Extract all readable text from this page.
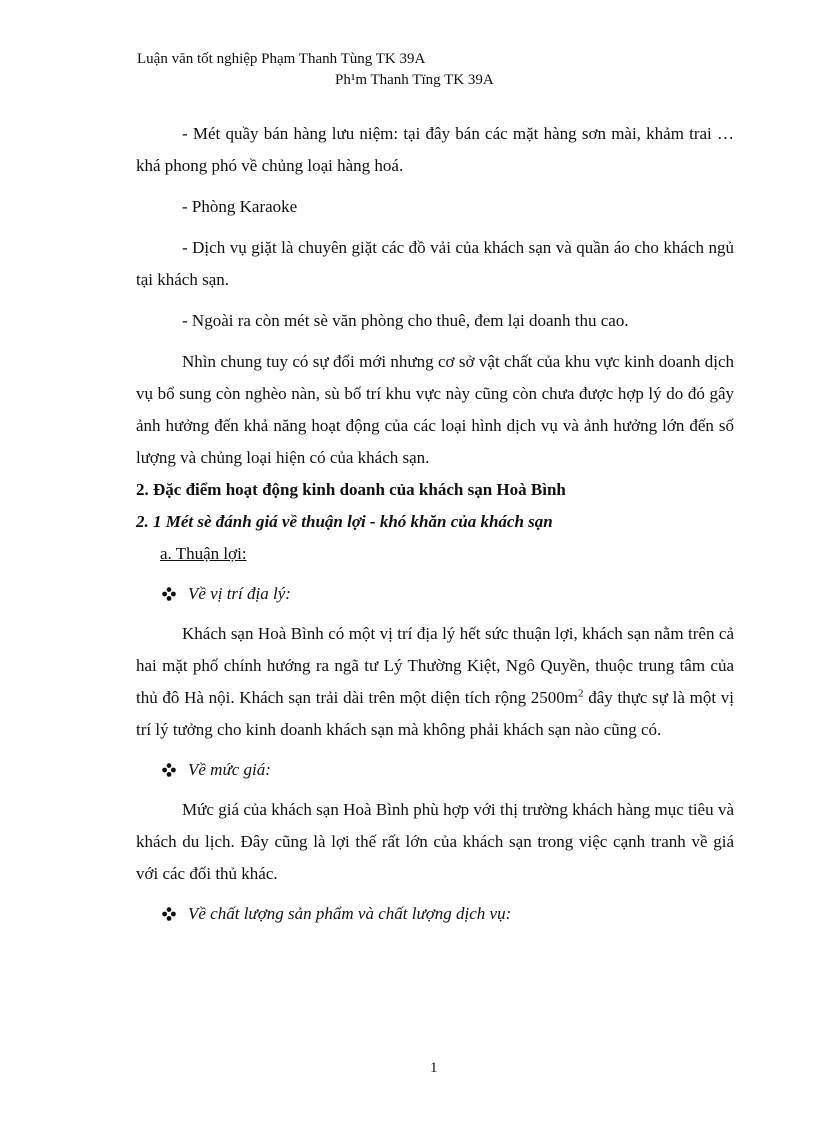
Luận văn tốt nghiệp Phạm Thanh Tùng TK 39A
Ph¹m Thanh Tïng TK 39A

- Mét quầy bán hàng lưu niệm: tại đây bán các mặt hàng sơn mài, khảm trai … khá phong phó về chủng loại hàng hoá.

- Phòng Karaoke

- Dịch vụ giặt là chuyên giặt các đồ vải của khách sạn và quần áo cho khách ngủ tại khách sạn.

- Ngoài ra còn mét sè văn phòng cho thuê, đem lại doanh thu cao.

Nhìn chung tuy có sự đổi mới nhưng cơ sở vật chất của khu vực kinh doanh dịch vụ bổ sung còn nghèo nàn, sù bố trí khu vực này cũng còn chưa được hợp lý do đó gây ảnh hưởng đến khả năng hoạt động của các loại hình dịch vụ và ảnh hưởng lớn đến số lượng và chủng loại hiện có của khách sạn.

2. Đặc điểm hoạt động kinh doanh của khách sạn Hoà Bình

2. 1 Mét sè đánh giá về thuận lợi - khó khăn của khách sạn

a. Thuận lợi:

Về vị trí địa lý:

Khách sạn Hoà Bình có một vị trí địa lý hết sức thuận lợi, khách sạn nằm trên cả hai mặt phố chính hướng ra ngã tư Lý Thường Kiệt, Ngô Quyền, thuộc trung tâm của thủ đô Hà nội. Khách sạn trải dài trên một diện tích rộng $2500m^2$ đây thực sự là một vị trí lý tưởng cho kinh doanh khách sạn mà không phải khách sạn nào cũng có.

Về mức giá:

Mức giá của khách sạn Hoà Bình phù hợp với thị trường khách hàng mục tiêu và khách du lịch. Đây cũng là lợi thế rất lớn của khách sạn trong việc cạnh tranh về giá với các đối thủ khác.

Về chất lượng sản phẩm và chất lượng dịch vụ:
1
